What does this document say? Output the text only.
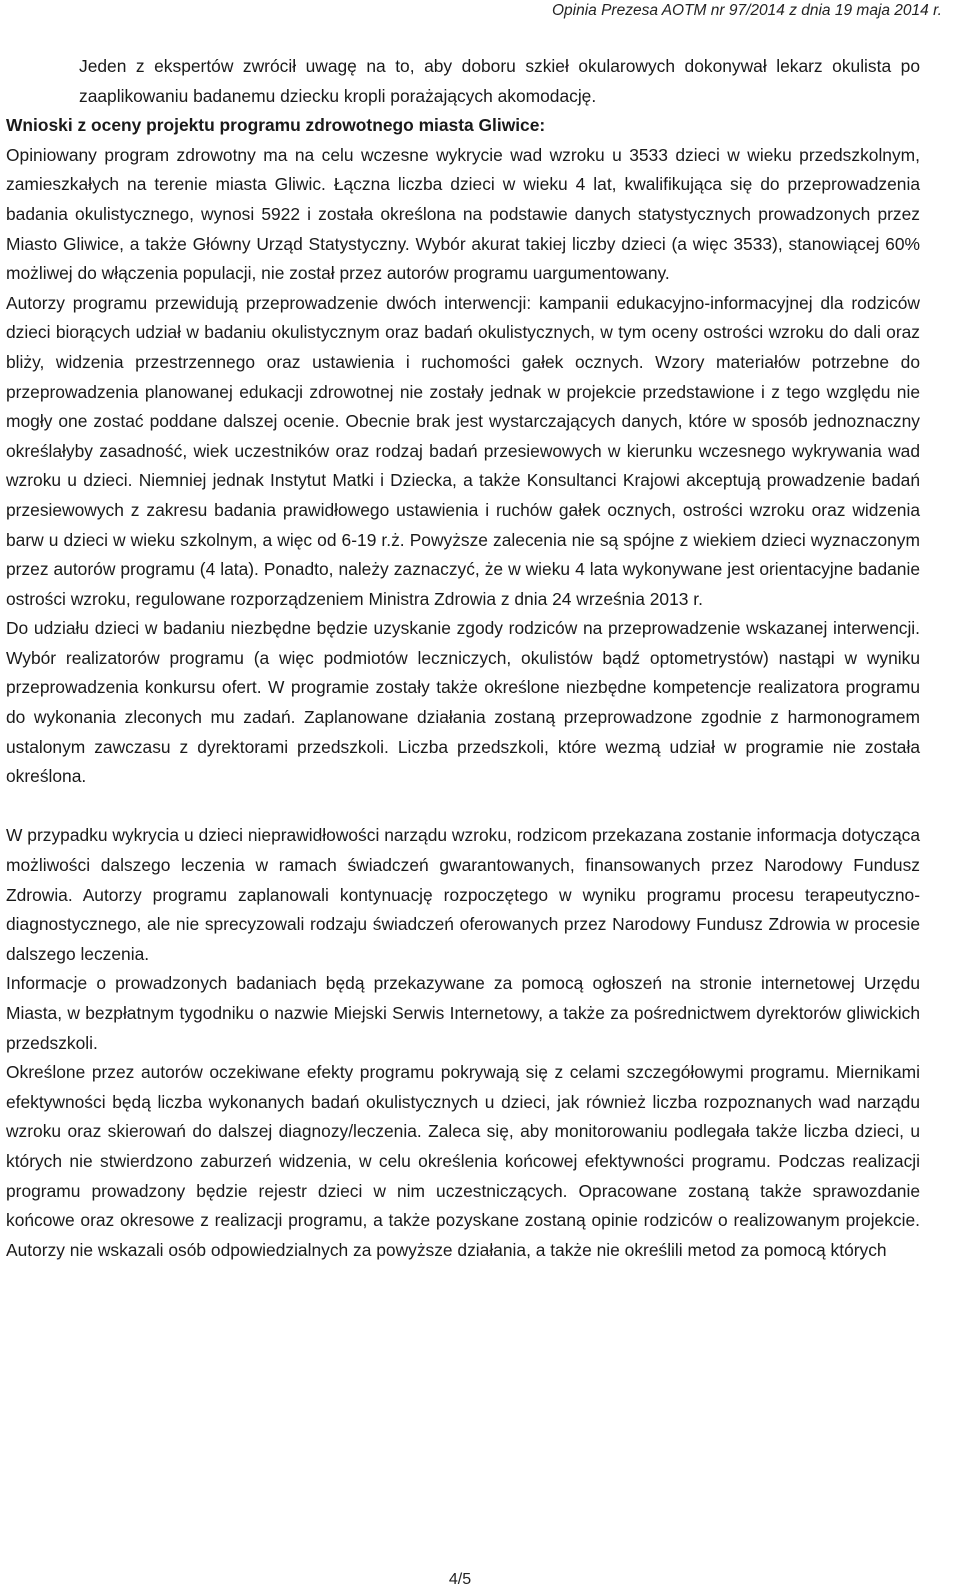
Opinia Prezesa AOTM nr 97/2014 z dnia 19 maja 2014 r.

Jeden z ekspertów zwrócił uwagę na to, aby doboru szkieł okularowych dokonywał lekarz okulista po zaaplikowaniu badanemu dziecku kropli porażających akomodację.

Wnioski z oceny projektu programu zdrowotnego miasta Gliwice:

Opiniowany program zdrowotny ma na celu wczesne wykrycie wad wzroku u 3533 dzieci w wieku przedszkolnym, zamieszkałych na terenie miasta Gliwic. Łączna liczba dzieci w wieku 4 lat, kwalifikująca się do przeprowadzenia badania okulistycznego, wynosi 5922 i została określona na podstawie danych statystycznych prowadzonych przez Miasto Gliwice, a także Główny Urząd Statystyczny. Wybór akurat takiej liczby dzieci (a więc 3533), stanowiącej 60% możliwej do włączenia populacji, nie został przez autorów programu uargumentowany.

Autorzy programu przewidują przeprowadzenie dwóch interwencji: kampanii edukacyjno-informacyjnej dla rodziców dzieci biorących udział w badaniu okulistycznym oraz badań okulistycznych, w tym oceny ostrości wzroku do dali oraz bliży, widzenia przestrzennego oraz ustawienia i ruchomości gałek ocznych. Wzory materiałów potrzebne do przeprowadzenia planowanej edukacji zdrowotnej nie zostały jednak w projekcie przedstawione i z tego względu nie mogły one zostać poddane dalszej ocenie. Obecnie brak jest wystarczających danych, które w sposób jednoznaczny określałyby zasadność, wiek uczestników oraz rodzaj badań przesiewowych w kierunku wczesnego wykrywania wad wzroku u dzieci. Niemniej jednak Instytut Matki i Dziecka, a także Konsultanci Krajowi akceptują prowadzenie badań przesiewowych z zakresu badania prawidłowego ustawienia i ruchów gałek ocznych, ostrości wzroku oraz widzenia barw u dzieci w wieku szkolnym, a więc od 6-19 r.ż. Powyższe zalecenia nie są spójne z wiekiem dzieci wyznaczonym przez autorów programu (4 lata). Ponadto, należy zaznaczyć, że w wieku 4 lata wykonywane jest orientacyjne badanie ostrości wzroku, regulowane rozporządzeniem Ministra Zdrowia z dnia 24 września 2013 r.

Do udziału dzieci w badaniu niezbędne będzie uzyskanie zgody rodziców na przeprowadzenie wskazanej interwencji. Wybór realizatorów programu (a więc podmiotów leczniczych, okulistów bądź optometrystów) nastąpi w wyniku przeprowadzenia konkursu ofert. W programie zostały także określone niezbędne kompetencje realizatora programu do wykonania zleconych mu zadań. Zaplanowane działania zostaną przeprowadzone zgodnie z harmonogramem ustalonym zawczasu z dyrektorami przedszkoli. Liczba przedszkoli, które wezmą udział w programie nie została określona.

W przypadku wykrycia u dzieci nieprawidłowości narządu wzroku, rodzicom przekazana zostanie informacja dotycząca możliwości dalszego leczenia w ramach świadczeń gwarantowanych, finansowanych przez Narodowy Fundusz Zdrowia. Autorzy programu zaplanowali kontynuację rozpoczętego w wyniku programu procesu terapeutyczno-diagnostycznego, ale nie sprecyzowali rodzaju świadczeń oferowanych przez Narodowy Fundusz Zdrowia w procesie dalszego leczenia.

Informacje o prowadzonych badaniach będą przekazywane za pomocą ogłoszeń na stronie internetowej Urzędu Miasta, w bezpłatnym tygodniku o nazwie Miejski Serwis Internetowy, a także za pośrednictwem dyrektorów gliwickich przedszkoli.

Określone przez autorów oczekiwane efekty programu pokrywają się z celami szczegółowymi programu. Miernikami efektywności będą liczba wykonanych badań okulistycznych u dzieci, jak również liczba rozpoznanych wad narządu wzroku oraz skierowań do dalszej diagnozy/leczenia. Zaleca się, aby monitorowaniu podlegała także liczba dzieci, u których nie stwierdzono zaburzeń widzenia, w celu określenia końcowej efektywności programu. Podczas realizacji programu prowadzony będzie rejestr dzieci w nim uczestniczących. Opracowane zostaną także sprawozdanie końcowe oraz okresowe z realizacji programu, a także pozyskane zostaną opinie rodziców o realizowanym projekcie. Autorzy nie wskazali osób odpowiedzialnych za powyższe działania, a także nie określili metod za pomocą których

4/5
